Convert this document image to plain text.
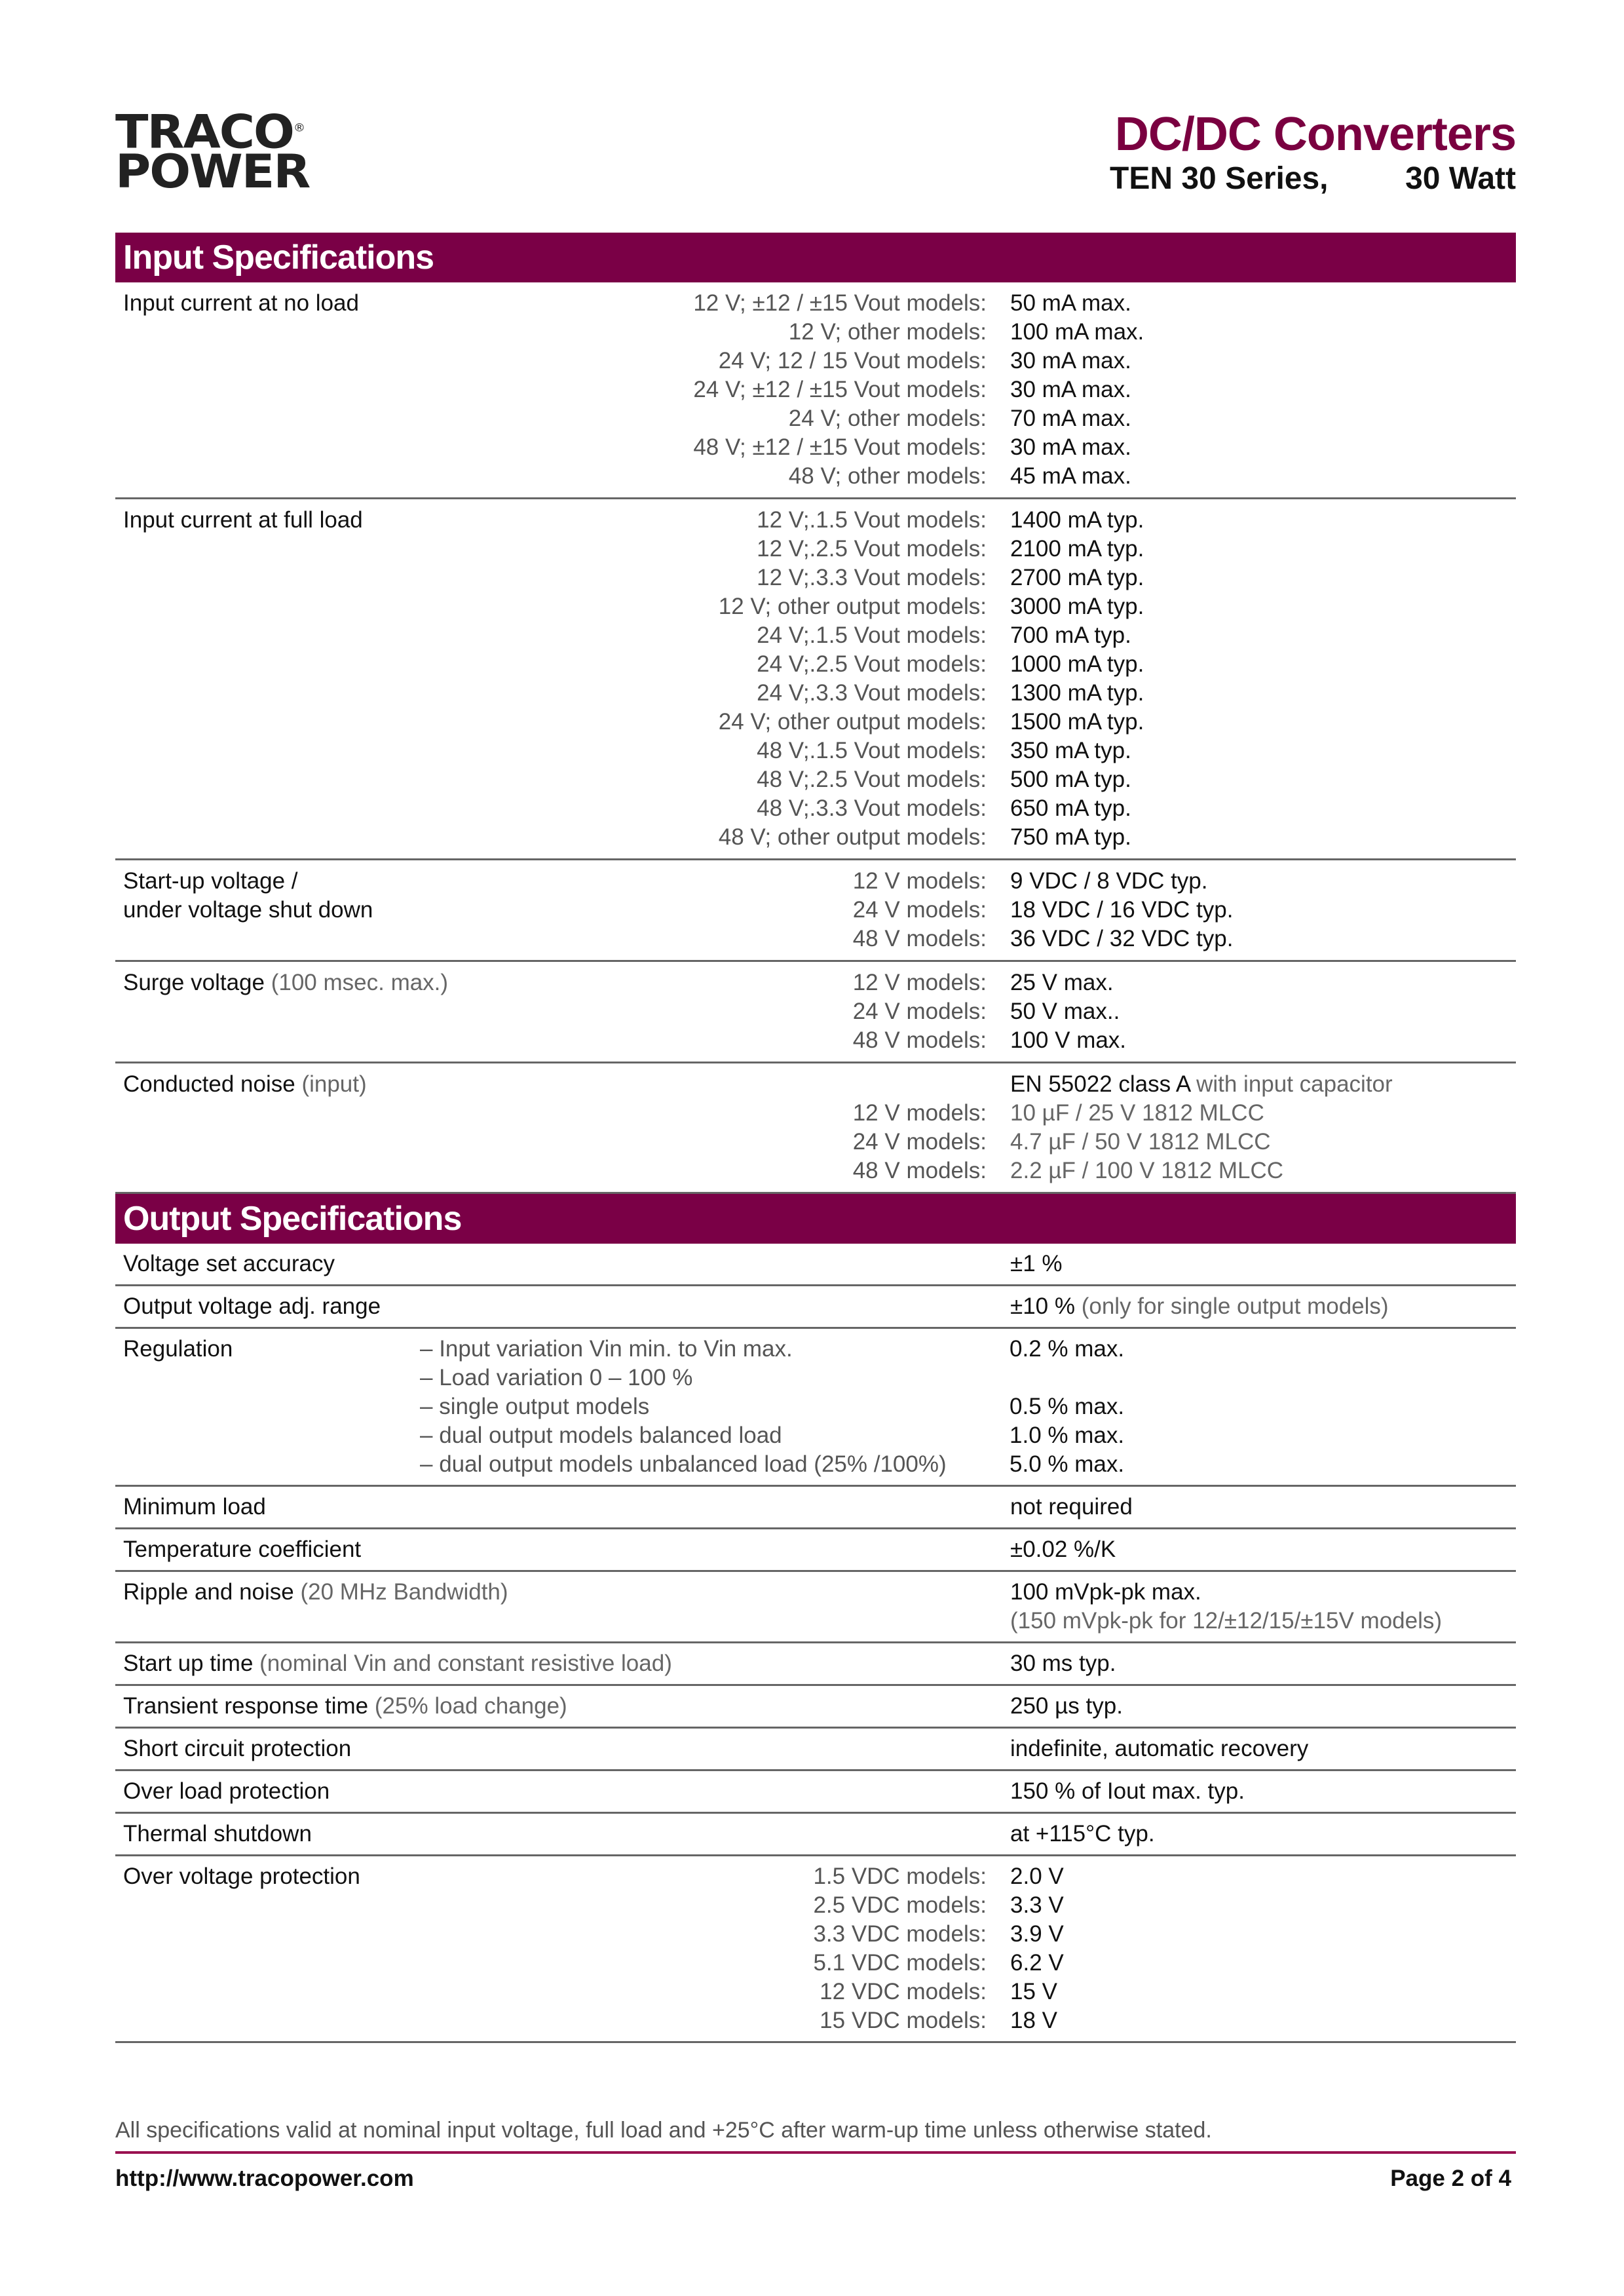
TRACO®
POWER
DC/DC Converters
TEN 30 Series, 30 Watt
Input Specifications
Input current at no load	12 V; ±12 / ±15 Vout models: 50 mA max.
12 V; other models: 100 mA max.
24 V; 12 / 15 Vout models: 30 mA max.
24 V; ±12 / ±15 Vout models: 30 mA max.
24 V; other models: 70 mA max.
48 V; ±12 / ±15 Vout models: 30 mA max.
48 V; other models: 45 mA max.
Input current at full load	12 V;.1.5 Vout models: 1400 mA typ.
12 V;.2.5 Vout models: 2100 mA typ.
12 V;.3.3 Vout models: 2700 mA typ.
12 V; other output models: 3000 mA typ.
24 V;.1.5 Vout models: 700 mA typ.
24 V;.2.5 Vout models: 1000 mA typ.
24 V;.3.3 Vout models: 1300 mA typ.
24 V; other output models: 1500 mA typ.
48 V;.1.5 Vout models: 350 mA typ.
48 V;.2.5 Vout models: 500 mA typ.
48 V;.3.3 Vout models: 650 mA typ.
48 V; other output models: 750 mA typ.
Start-up voltage /
under voltage shut down
12 V models: 9 VDC / 8 VDC typ.
24 V models: 18 VDC / 16 VDC typ.
48 V models: 36 VDC / 32 VDC typ.
Surge voltage (100 msec. max.)	12 V models: 25 V max.
24 V models: 50 V max..
48 V models: 100 V max.
Conducted noise (input)	EN 55022 class A with input capacitor
12 V models: 10 µF / 25 V 1812 MLCC
24 V models: 4.7 µF / 50 V 1812 MLCC
48 V models: 2.2 µF / 100 V 1812 MLCC
Output Specifications
Voltage set accuracy	±1 %
Output voltage adj. range	±10 % (only for single output models)
Regulation	– Input variation Vin min. to Vin max.	0.2 % max.
– Load variation 0 – 100 %
– single output models	0.5 % max.
– dual output models balanced load	1.0 % max.
– dual output models unbalanced load (25% /100%)	5.0 % max.
Minimum load	not required
Temperature coefficient	±0.02 %/K
Ripple and noise (20 MHz Bandwidth)	100 mVpk-pk max.
(150 mVpk-pk for 12/±12/15/±15V models)
Start up time (nominal Vin and constant resistive load)	30 ms typ.
Transient response time (25% load change)	250 µs typ.
Short circuit protection	indefinite, automatic recovery
Over load protection	150 % of Iout max. typ.
Thermal shutdown	at +115°C typ.
Over voltage protection	1.5 VDC models: 2.0 V
2.5 VDC models: 3.3 V
3.3 VDC models: 3.9 V
5.1 VDC models: 6.2 V
12 VDC models: 15 V
15 VDC models: 18 V
All specifications valid at nominal input voltage, full load and +25°C after warm-up time unless otherwise stated.
http://www.tracopower.com	Page 2 of 4
